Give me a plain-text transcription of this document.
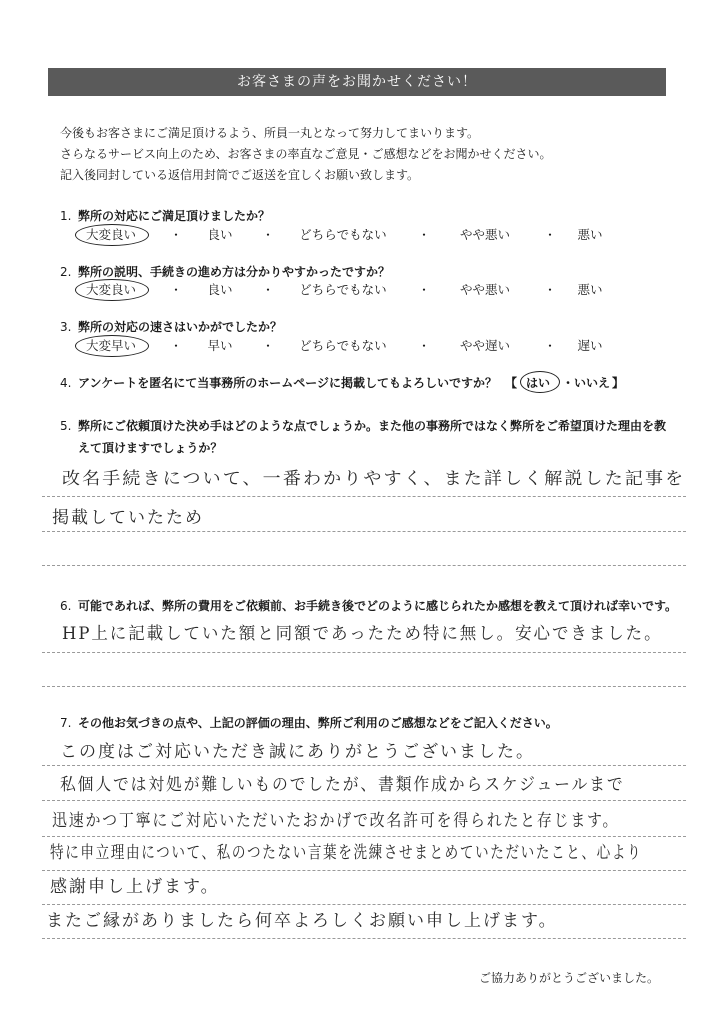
お客さまの声をお聞かせください！
今後もお客さまにご満足頂けるよう、所員一丸となって努力してまいります。
さらなるサービス向上のため、お客さまの率直なご意見・ご感想などをお聞かせください。
記入後同封している返信用封筒でご返送を宜しくお願い致します。
1. 弊所の対応にご満足頂けましたか？
大変良い	・	良い	・	どちらでもない	・	やや悪い	・	悪い
2. 弊所の説明、手続きの進め方は分かりやすかったですか？
大変良い	・	良い	・	どちらでもない	・	やや悪い	・	悪い
3. 弊所の対応の速さはいかがでしたか？
大変早い	・	早い	・	どちらでもない	・	やや遅い	・	遅い
4. アンケートを匿名にて当事務所のホームページに掲載してもよろしいですか？ 【 はい ・ いいえ 】
5. 弊所にご依頼頂けた決め手はどのような点でしょうか。また他の事務所ではなく弊所をご希望頂けた理由を教
えて頂けますでしょうか？
改名手続きについて、一番わかりやすく、また詳しく解説した記事を
掲載していたため
6. 可能であれば、弊所の費用をご依頼前、お手続き後でどのように感じられたか感想を教えて頂ければ幸いです。
HP上に記載していた額と同額であったため特に無し。安心できました。
7. その他お気づきの点や、上記の評価の理由、弊所ご利用のご感想などをご記入ください。
この度はご対応いただき誠にありがとうございました。
私個人では対処が難しいものでしたが、書類作成からスケジュールまで
迅速かつ丁寧にご対応いただいたおかげで改名許可を得られたと存じます。
特に申立理由について、私のつたない言葉を洗練させまとめていただいたこと、心より
感謝申し上げます。
またご縁がありましたら何卒よろしくお願い申し上げます。
ご協力ありがとうございました。
